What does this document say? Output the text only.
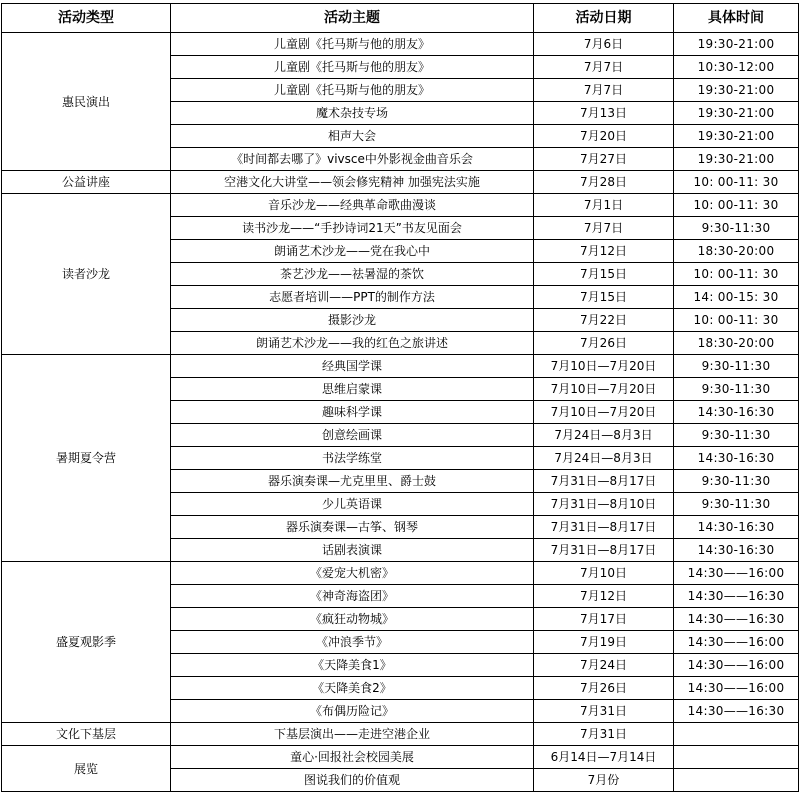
活动类型	活动主题	活动日期	具体时间
惠民演出	儿童剧《托马斯与他的朋友》	7月6日	19:30-21:00
	儿童剧《托马斯与他的朋友》	7月7日	10:30-12:00
	儿童剧《托马斯与他的朋友》	7月7日	19:30-21:00
	魔术杂技专场	7月13日	19:30-21:00
	相声大会	7月20日	19:30-21:00
	《时间都去哪了》vivsce中外影视金曲音乐会	7月27日	19:30-21:00
公益讲座	空港文化大讲堂——领会修宪精神 加强宪法实施	7月28日	10: 00-11: 30
读者沙龙	音乐沙龙——经典革命歌曲漫谈	7月1日	10: 00-11: 30
	读书沙龙——“手抄诗词21天”书友见面会	7月7日	9:30-11:30
	朗诵艺术沙龙——党在我心中	7月12日	18:30-20:00
	茶艺沙龙——祛暑湿的茶饮	7月15日	10: 00-11: 30
	志愿者培训——PPT的制作方法	7月15日	14: 00-15: 30
	摄影沙龙	7月22日	10: 00-11: 30
	朗诵艺术沙龙——我的红色之旅讲述	7月26日	18:30-20:00
暑期夏令营	经典国学课	7月10日—7月20日	9:30-11:30
	思维启蒙课	7月10日—7月20日	9:30-11:30
	趣味科学课	7月10日—7月20日	14:30-16:30
	创意绘画课	7月24日—8月3日	9:30-11:30
	书法学练堂	7月24日—8月3日	14:30-16:30
	器乐演奏课—尤克里里、爵士鼓	7月31日—8月17日	9:30-11:30
	少儿英语课	7月31日—8月10日	9:30-11:30
	器乐演奏课—古筝、钢琴	7月31日—8月17日	14:30-16:30
	话剧表演课	7月31日—8月17日	14:30-16:30
盛夏观影季	《爱宠大机密》	7月10日	14:30——16:00
	《神奇海盗团》	7月12日	14:30——16:30
	《疯狂动物城》	7月17日	14:30——16:30
	《冲浪季节》	7月19日	14:30——16:00
	《天降美食1》	7月24日	14:30——16:00
	《天降美食2》	7月26日	14:30——16:00
	《布偶历险记》	7月31日	14:30——16:30
文化下基层	下基层演出——走进空港企业	7月31日	
展览	童心·回报社会校园美展	6月14日—7月14日	
	图说我们的价值观	7月份	
